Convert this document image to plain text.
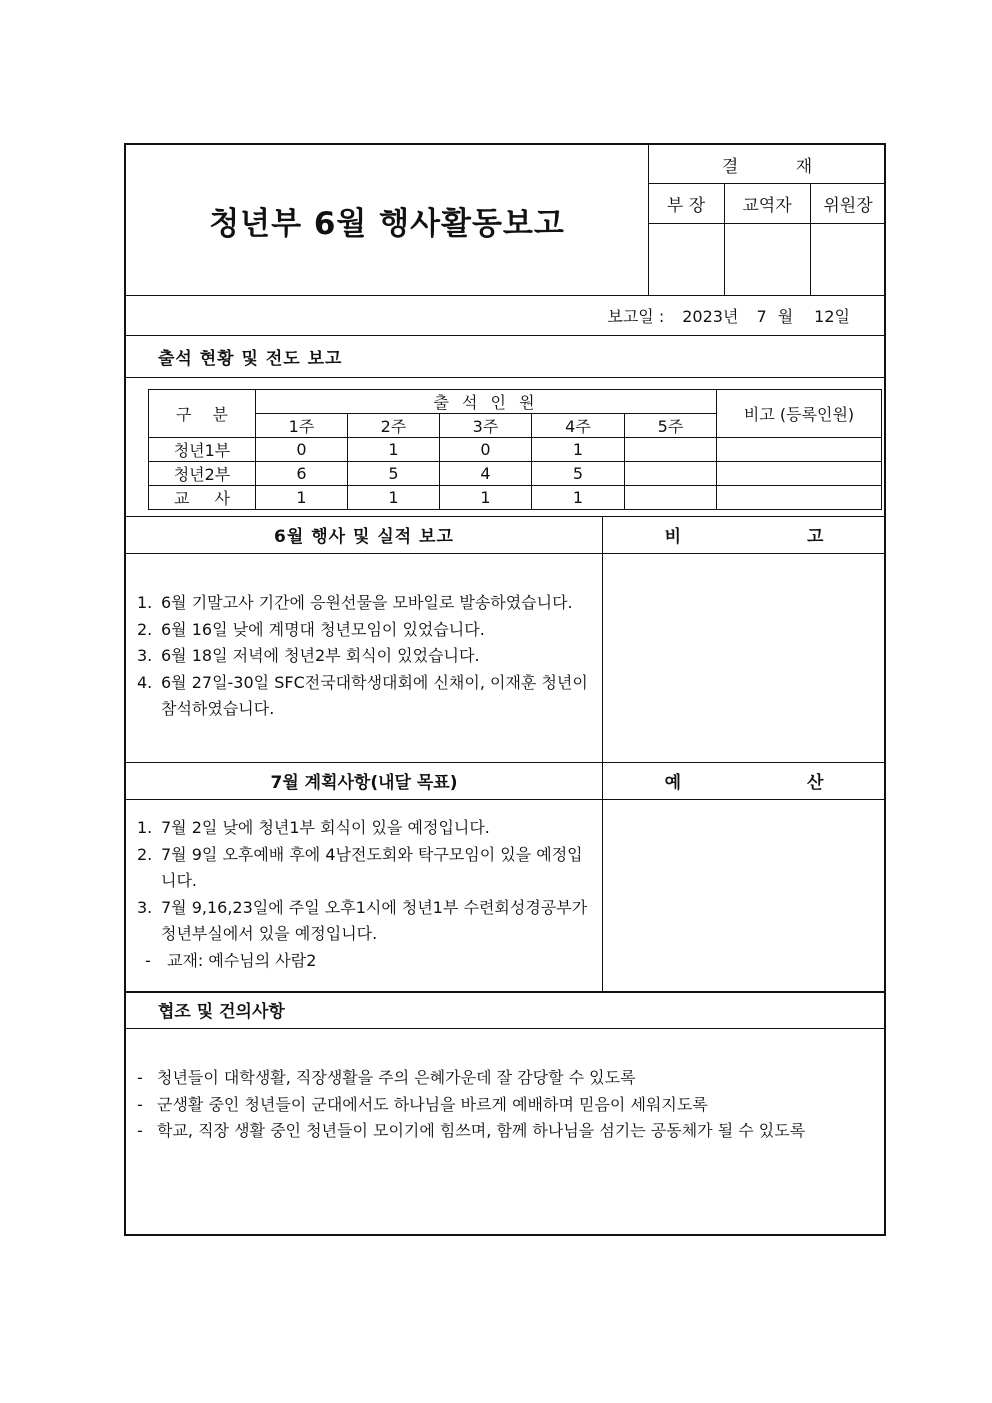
청년부 6월 행사활동보고
결 재
부 장	교역자	위원장
보고일 : 2023년 7 월 12일
출석 현황 및 전도 보고
구 분	출 석 인 원					비고 (등록인원)
	1주	2주	3주	4주	5주	
청년1부	0	1	0	1		
청년2부	6	5	4	5		
교 사	1	1	1	1		
6월 행사 및 실적 보고	비 고
1. 6월 기말고사 기간에 응원선물을 모바일로 발송하였습니다.
2. 6월 16일 낮에 계명대 청년모임이 있었습니다.
3. 6월 18일 저녁에 청년2부 회식이 있었습니다.
4. 6월 27일-30일 SFC전국대학생대회에 신채이, 이재훈 청년이 참석하였습니다.
7월 계획사항(내달 목표)	예 산
1. 7월 2일 낮에 청년1부 회식이 있을 예정입니다.
2. 7월 9일 오후예배 후에 4남전도회와 탁구모임이 있을 예정입니다.
3. 7월 9,16,23일에 주일 오후1시에 청년1부 수련회성경공부가 청년부실에서 있을 예정입니다.
- 교재: 예수님의 사람2
협조 및 건의사항
- 청년들이 대학생활, 직장생활을 주의 은혜가운데 잘 감당할 수 있도록
- 군생활 중인 청년들이 군대에서도 하나님을 바르게 예배하며 믿음이 세워지도록
- 학교, 직장 생활 중인 청년들이 모이기에 힘쓰며, 함께 하나님을 섬기는 공동체가 될 수 있도록
